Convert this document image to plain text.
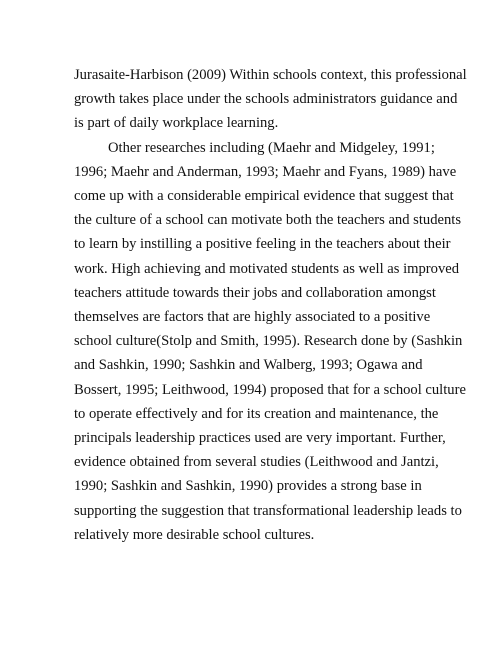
Jurasaite-Harbison (2009) Within schools context, this professional
growth takes place under the schools administrators guidance and
is part of daily workplace learning.
Other researches including (Maehr and Midgeley, 1991;
1996; Maehr and Anderman, 1993; Maehr and Fyans, 1989) have
come up with a considerable empirical evidence that suggest that
the culture of a school can motivate both the teachers and students
to learn by instilling a positive feeling in the teachers about their
work. High achieving and motivated students as well as improved
teachers attitude towards their jobs and collaboration amongst
themselves are factors that are highly associated to a positive
school culture(Stolp and Smith, 1995). Research done by (Sashkin
and Sashkin, 1990; Sashkin and Walberg, 1993; Ogawa and
Bossert, 1995; Leithwood, 1994) proposed that for a school culture
to operate effectively and for its creation and maintenance, the
principals leadership practices used are very important. Further,
evidence obtained from several studies (Leithwood and Jantzi,
1990; Sashkin and Sashkin, 1990) provides a strong base in
supporting the suggestion that transformational leadership leads to
relatively more desirable school cultures.
